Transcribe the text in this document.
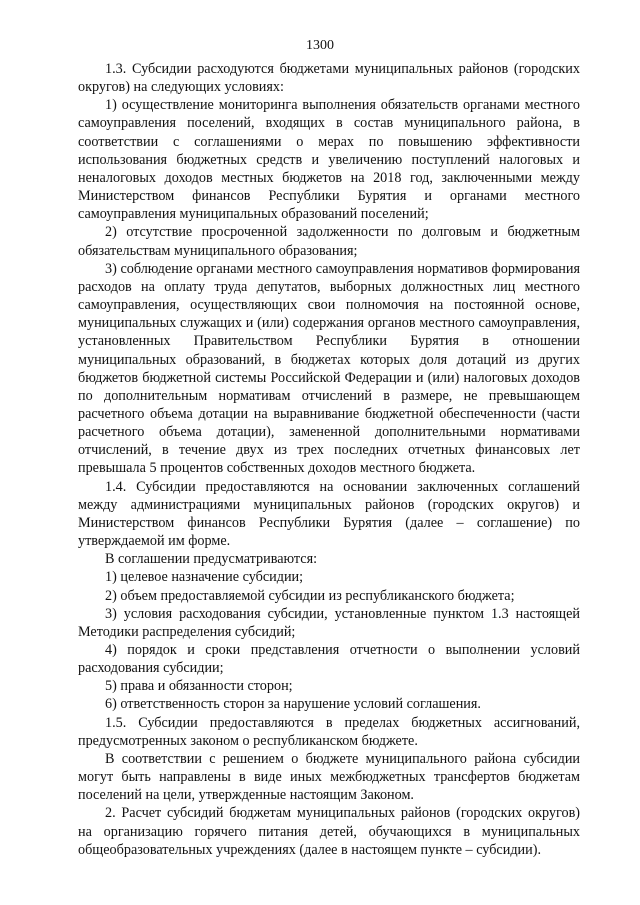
1300

1.3. Субсидии расходуются бюджетами муниципальных районов (городских округов) на следующих условиях:

1) осуществление мониторинга выполнения обязательств органами местного самоуправления поселений, входящих в состав муниципального района, в соответствии с соглашениями о мерах по повышению эффективности использования бюджетных средств и увеличению поступлений налоговых и неналоговых доходов местных бюджетов на 2018 год, заключенными между Министерством финансов Республики Бурятия и органами местного самоуправления муниципальных образований поселений;

2) отсутствие просроченной задолженности по долговым и бюджетным обязательствам муниципального образования;

3) соблюдение органами местного самоуправления нормативов формирования расходов на оплату труда депутатов, выборных должностных лиц местного самоуправления, осуществляющих свои полномочия на постоянной основе, муниципальных служащих и (или) содержания органов местного самоуправления, установленных Правительством Республики Бурятия в отношении муниципальных образований, в бюджетах которых доля дотаций из других бюджетов бюджетной системы Российской Федерации и (или) налоговых доходов по дополнительным нормативам отчислений в размере, не превышающем расчетного объема дотации на выравнивание бюджетной обеспеченности (части расчетного объема дотации), замененной дополнительными нормативами отчислений, в течение двух из трех последних отчетных финансовых лет превышала 5 процентов собственных доходов местного бюджета.

1.4. Субсидии предоставляются на основании заключенных соглашений между администрациями муниципальных районов (городских округов) и Министерством финансов Республики Бурятия (далее – соглашение) по утверждаемой им форме.

В соглашении предусматриваются:

1) целевое назначение субсидии;

2) объем предоставляемой субсидии из республиканского бюджета;

3) условия расходования субсидии, установленные пунктом 1.3 настоящей Методики распределения субсидий;

4) порядок и сроки представления отчетности о выполнении условий расходования субсидии;

5) права и обязанности сторон;

6) ответственность сторон за нарушение условий соглашения.

1.5. Субсидии предоставляются в пределах бюджетных ассигнований, предусмотренных законом о республиканском бюджете.

В соответствии с решением о бюджете муниципального района субсидии могут быть направлены в виде иных межбюджетных трансфертов бюджетам поселений на цели, утвержденные настоящим Законом.

2. Расчет субсидий бюджетам муниципальных районов (городских округов) на организацию горячего питания детей, обучающихся в муниципальных общеобразовательных учреждениях (далее в настоящем пункте – субсидии).
